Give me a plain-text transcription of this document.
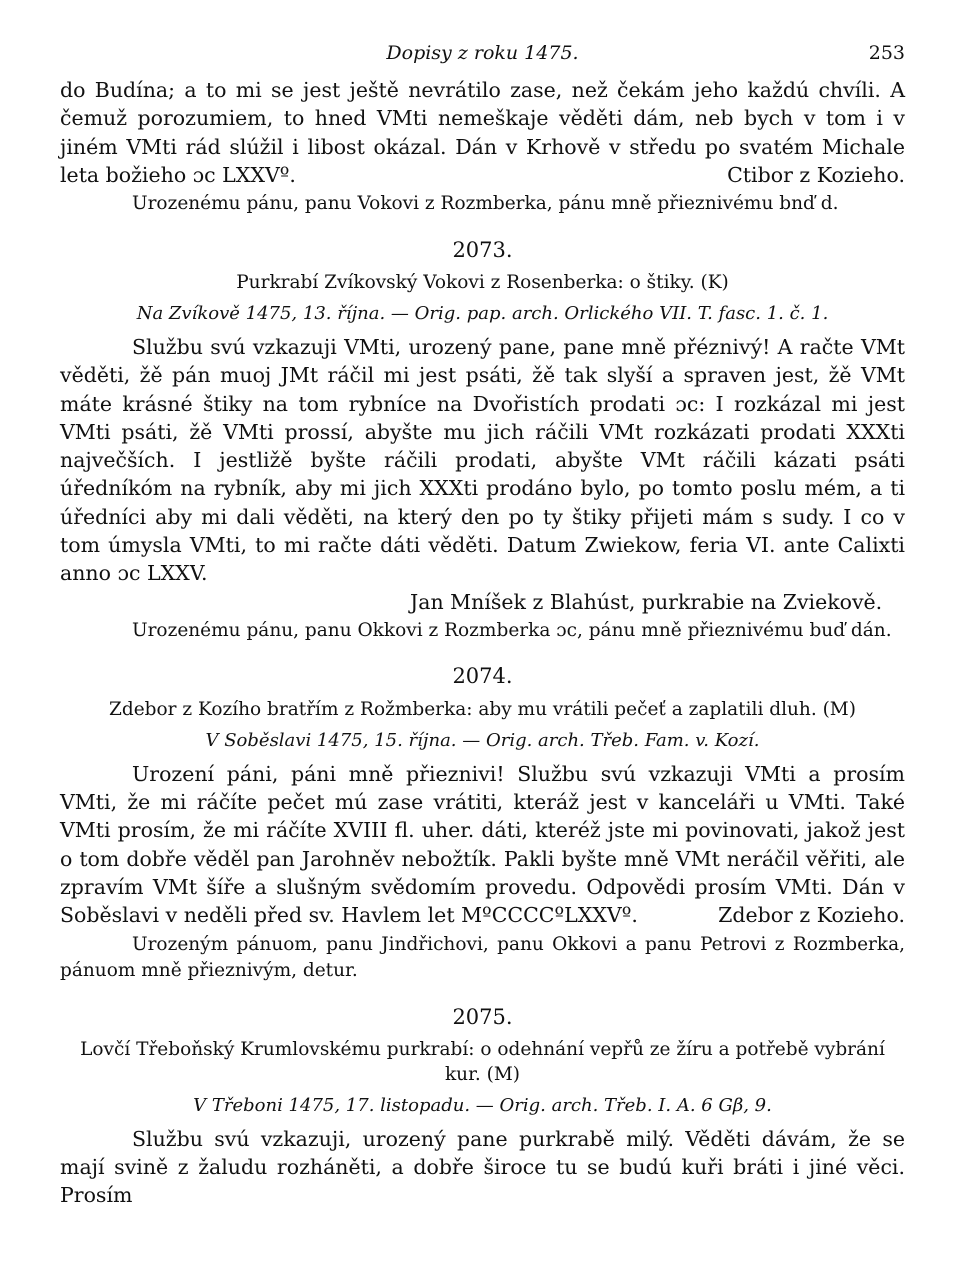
Dopisy z roku 1475.	253

do Budína; a to mi se jest ještě nevrátilo zase, než čekám jeho každú chvíli. A čemuž porozumiem, to hned VMti nemeškaje věděti dám, neb bych v tom i v jiném VMti rád slúžil i libost okázal. Dán v Krhově v středu po svatém Michale leta božieho ɔc LXXVº.	Ctibor z Kozieho.

Urozenému pánu, panu Vokovi z Rozmberka, pánu mně přieznivému bnď d.

2073.

Purkrabí Zvíkovský Vokovi z Rosenberka: o štiky. (K)

Na Zvíkově 1475, 13. října. — Orig. pap. arch. Orlického VII. T. fasc. 1. č. 1.

Službu svú vzkazuji VMti, urozený pane, pane mně přéznivý! A račte VMt věděti, žě pán muoj JMt ráčil mi jest psáti, žě tak slyší a spraven jest, žě VMt máte krásné štiky na tom rybníce na Dvořistích prodati ɔc: I rozkázal mi jest VMti psáti, žě VMti prossí, abyšte mu jich ráčili VMt rozkázati prodati XXXti največších. I jestližě byšte ráčili prodati, abyšte VMt ráčili kázati psáti úředníkóm na rybník, aby mi jich XXXti prodáno bylo, po tomto poslu mém, a ti úředníci aby mi dali věděti, na který den po ty štiky přijeti mám s sudy. I co v tom úmysla VMti, to mi račte dáti věděti. Datum Zwiekow, feria VI. ante Calixti anno ɔc LXXV.

Jan Mníšek z Blahúst, purkrabie na Zviekově.

Urozenému pánu, panu Okkovi z Rozmberka ɔc, pánu mně přieznivému buď dán.

2074.

Zdebor z Kozího bratřím z Rožmberka: aby mu vrátili pečeť a zaplatili dluh. (M)

V Soběslavi 1475, 15. října. — Orig. arch. Třeb. Fam. v. Kozí.

Urození páni, páni mně přieznivi! Službu svú vzkazuji VMti a prosím VMti, že mi ráčíte pečet mú zase vrátiti, kteráž jest v kanceláři u VMti. Také VMti prosím, že mi ráčíte XVIII fl. uher. dáti, kteréž jste mi povinovati, jakož jest o tom dobře věděl pan Jarohněv nebožtík. Pakli byšte mně VMt neráčil věřiti, ale zpravím VMt šíře a slušným svědomím provedu. Odpovědi prosím VMti. Dán v Soběslavi v neděli před sv. Havlem let MºCCCCºLXXVº.	Zdebor z Kozieho.

Urozeným pánuom, panu Jindřichovi, panu Okkovi a panu Petrovi z Rozmberka, pánuom mně přieznivým, detur.

2075.

Lovčí Třeboňský Krumlovskému purkrabí: o odehnání vepřů ze žíru a potřebě vybrání kur. (M)

V Třeboni 1475, 17. listopadu. — Orig. arch. Třeb. I. A. 6 Gβ, 9.

Službu svú vzkazuji, urozený pane purkrabě milý. Věděti dávám, že se mají svině z žaludu rozháněti, a dobře široce tu se budú kuři bráti i jiné věci. Prosím
